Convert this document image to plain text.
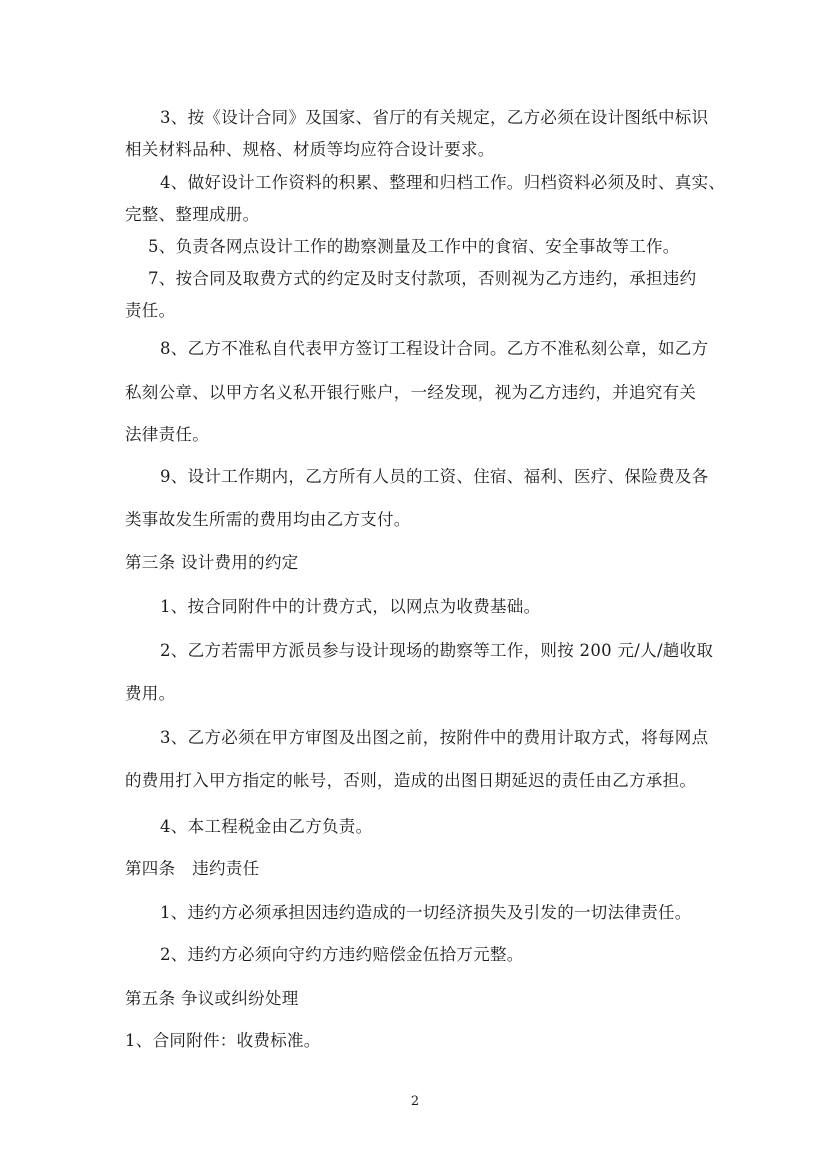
​
3、按《设计合同》及国家、省厅的有关规定，乙方必须在设计图纸中标识
相关材料品种、规格、材质等均应符合设计要求。
4、做好设计工作资料的积累、整理和归档工作。归档资料必须及时、真实、
完整、整理成册。
5、负责各网点设计工作的勘察测量及工作中的食宿、安全事故等工作。
7、按合同及取费方式的约定及时支付款项，否则视为乙方违约，承担违约
责任。
8、乙方不准私自代表甲方签订工程设计合同。乙方不准私刻公章，如乙方
私刻公章、以甲方名义私开银行账户，一经发现，视为乙方违约，并追究有关
法律责任。
9、设计工作期内，乙方所有人员的工资、住宿、福利、医疗、保险费及各
类事故发生所需的费用均由乙方支付。
第三条 设计费用的约定
1、按合同附件中的计费方式，以网点为收费基础。
2、乙方若需甲方派员参与设计现场的勘察等工作，则按 200 元/人/趟收取
费用。
3、乙方必须在甲方审图及出图之前，按附件中的费用计取方式，将每网点
的费用打入甲方指定的帐号，否则，造成的出图日期延迟的责任由乙方承担。
4、本工程税金由乙方负责。
第四条　违约责任
1、违约方必须承担因违约造成的一切经济损失及引发的一切法律责任。
2、违约方必须向守约方违约赔偿金伍拾万元整。
第五条 争议或纠纷处理
1、合同附件：收费标准。
2
